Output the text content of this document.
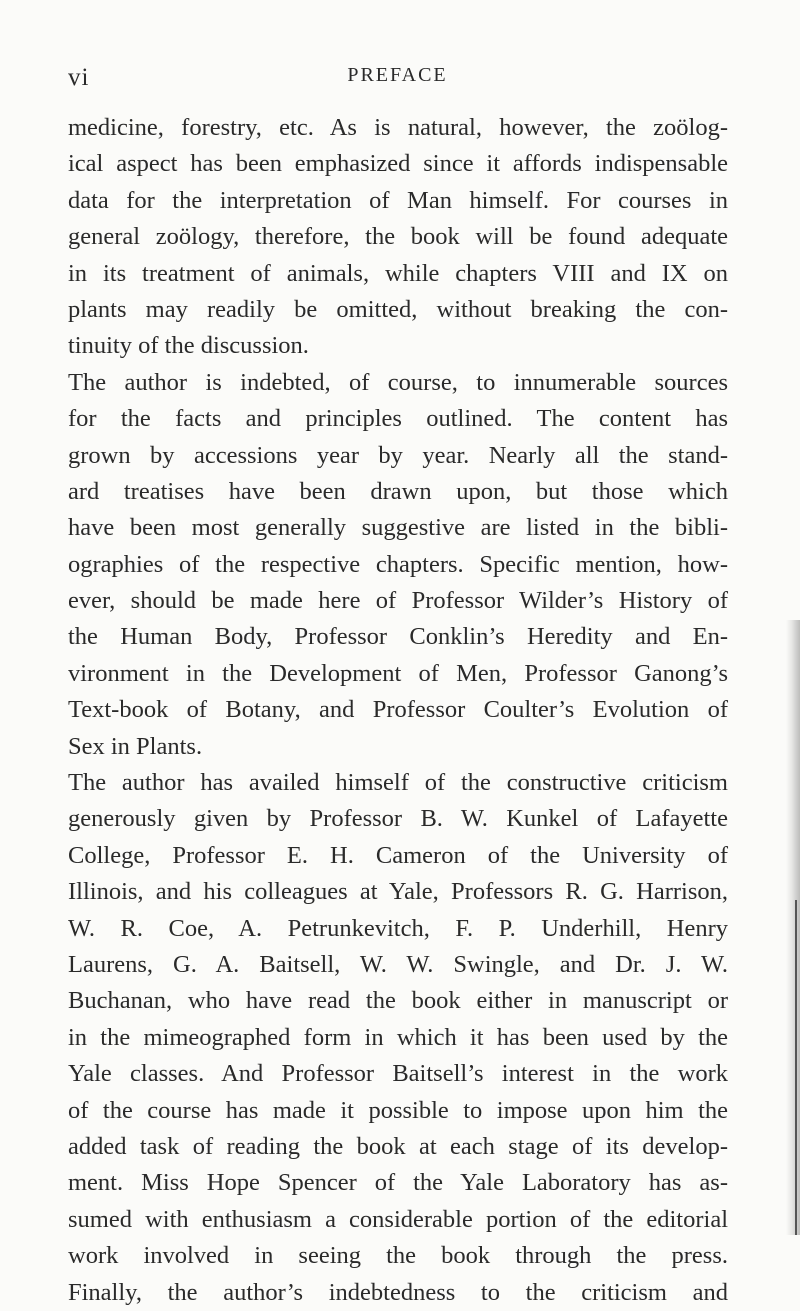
vi	PREFACE
medicine, forestry, etc. As is natural, however, the zoölog-
ical aspect has been emphasized since it affords indispensable
data for the interpretation of Man himself. For courses in
general zoölogy, therefore, the book will be found adequate
in its treatment of animals, while chapters VIII and IX on
plants may readily be omitted, without breaking the con-
tinuity of the discussion.
The author is indebted, of course, to innumerable sources
for the facts and principles outlined. The content has
grown by accessions year by year. Nearly all the stand-
ard treatises have been drawn upon, but those which
have been most generally suggestive are listed in the bibli-
ographies of the respective chapters. Specific mention, how-
ever, should be made here of Professor Wilder’s History of
the Human Body, Professor Conklin’s Heredity and En-
vironment in the Development of Men, Professor Ganong’s
Text-book of Botany, and Professor Coulter’s Evolution of
Sex in Plants.
The author has availed himself of the constructive criticism
generously given by Professor B. W. Kunkel of Lafayette
College, Professor E. H. Cameron of the University of
Illinois, and his colleagues at Yale, Professors R. G. Harrison,
W. R. Coe, A. Petrunkevitch, F. P. Underhill, Henry
Laurens, G. A. Baitsell, W. W. Swingle, and Dr. J. W.
Buchanan, who have read the book either in manuscript or
in the mimeographed form in which it has been used by the
Yale classes. And Professor Baitsell’s interest in the work
of the course has made it possible to impose upon him the
added task of reading the book at each stage of its develop-
ment. Miss Hope Spencer of the Yale Laboratory has as-
sumed with enthusiasm a considerable portion of the editorial
work involved in seeing the book through the press.
Finally, the author’s indebtedness to the criticism and
